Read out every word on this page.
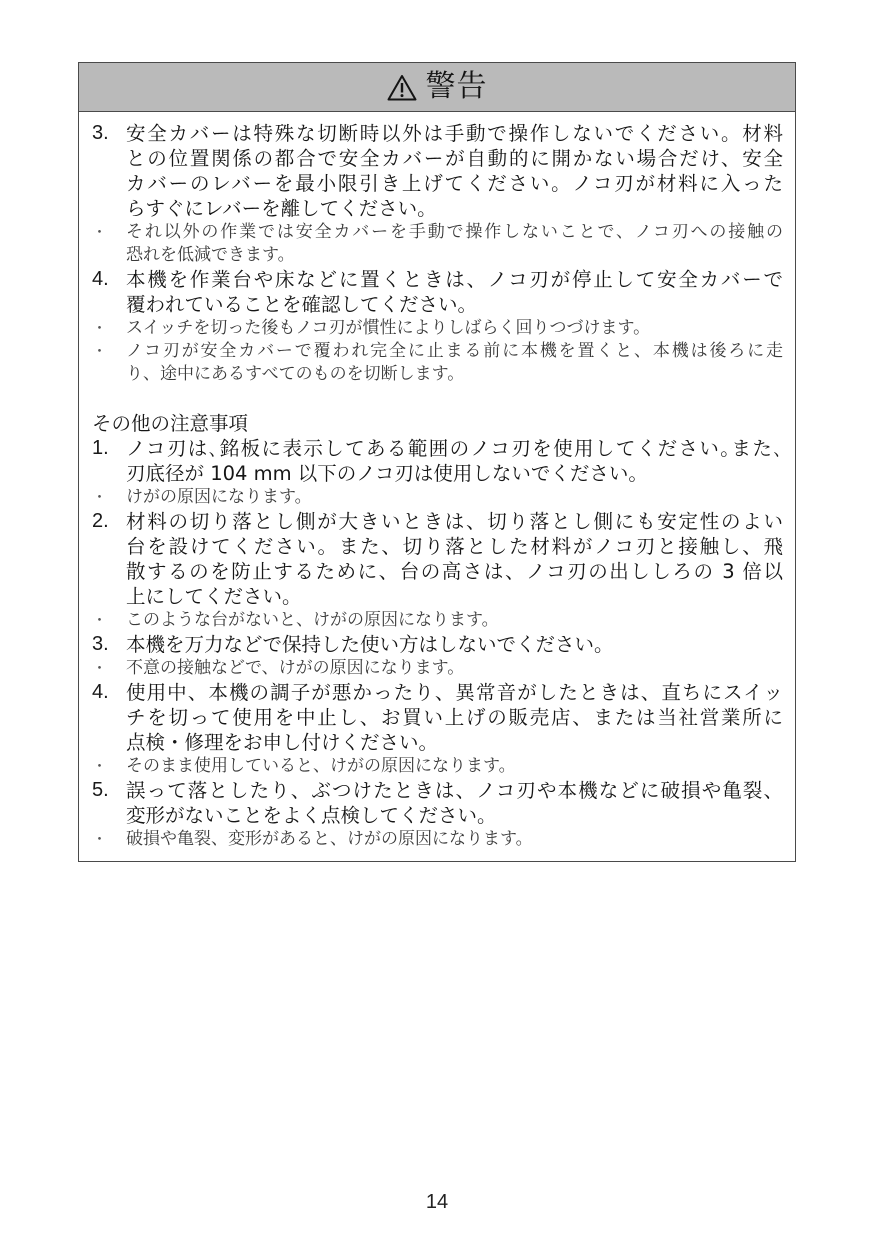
警告
3. 安全カバーは特殊な切断時以外は手動で操作しないでください。材料
との位置関係の都合で安全カバーが自動的に開かない場合だけ、安全
カバーのレバーを最小限引き上げてください。ノコ刃が材料に入った
らすぐにレバーを離してください。
・	それ以外の作業では安全カバーを手動で操作しないことで、ノコ刃への接触の
恐れを低減できます。
4. 本機を作業台や床などに置くときは、ノコ刃が停止して安全カバーで
覆われていることを確認してください。
・	スイッチを切った後もノコ刃が慣性によりしばらく回りつづけます。
・	ノコ刃が安全カバーで覆われ完全に止まる前に本機を置くと、本機は後ろに走
り、途中にあるすべてのものを切断します。
その他の注意事項
1. ノコ刃は､銘板に表示してある範囲のノコ刃を使用してください｡また､
刃底径が 104 mm 以下のノコ刃は使用しないでください。
・	けがの原因になります。
2. 材料の切り落とし側が大きいときは、切り落とし側にも安定性のよい
台を設けてください。また、切り落とした材料がノコ刃と接触し、飛
散するのを防止するために、台の高さは、ノコ刃の出ししろの 3 倍以
上にしてください。
・	このような台がないと、けがの原因になります。
3. 本機を万力などで保持した使い方はしないでください。
・	不意の接触などで、けがの原因になります。
4. 使用中、本機の調子が悪かったり、異常音がしたときは、直ちにスイッ
チを切って使用を中止し、お買い上げの販売店、または当社営業所に
点検・修理をお申し付けください。
・	そのまま使用していると、けがの原因になります。
5. 誤って落としたり、ぶつけたときは、ノコ刃や本機などに破損や亀裂、
変形がないことをよく点検してください。
・	破損や亀裂、変形があると、けがの原因になります。
14
